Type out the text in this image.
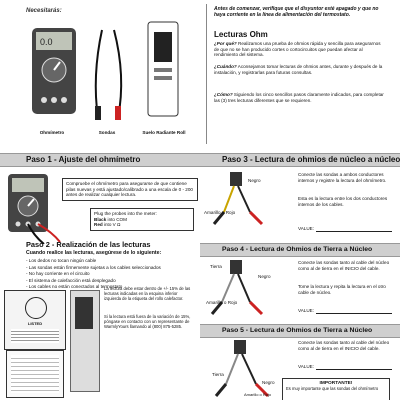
Necesitarás:
0.0
Ohmímetro	Sondas	Suelo Radiante Roll
Antes de comenzar, verifique que el disyuntor esté apagado y que no haya corriente en la línea de alimentación del termostato.
Lecturas Ohm
¿Por qué? Realizamos una prueba de ohmios rápida y sencilla para asegurarnos de que no se han producido cortes o cortocircuitos que puedan afectar al rendimiento del sistema.
¿Cuándo? Aconsejamos tomar lecturas de ohmios antes, durante y después de la instalación, y registrarlas para futuras consultas.
¿Cómo? Siguiendo los cinco sencillos pasos claramente indicados, para completar las (3) tres lecturas diferentes que se requieren.
Paso 1 - Ajuste del ohmímetro
Compruebe el ohmímetro para asegurarse de que contiene pilas nuevas y está ajustado/calibrado a una escala de 0 - 200 antes de realizar cualquier lectura.
Plug the probes into the meter:
Black into COM
Red into V Ω
Paso 2 - Realización de las lecturas
Cuando realice las lecturas, asegúrese de lo siguiente:
- Los dedos no tocan ningún cable
- Las sondas están firmemente sujetas a los cables seleccionados
- No hay corriente en el circuito
- El sistema de calefacción está desplegado
- Los cables no están conectados al termostato
LISTED
La lectura debe estar dentro de +/- 15% de las lecturas indicadas en la esquina inferior izquierda de la etiqueta del rollo calefactor.
Si la lectura está fuera de la variación de 15%, póngase en contacto con un representante de WarmlyYours llamando al (800) 875-5285.
Paso 3 - Lectura de ohmios de núcleo a núcleo
Negro
Amarillo o Rojo
Conecte las sondas a ambos conductores internos y registre la lectura del ohmímetro.
Esta es la lectura entre los dos conductores internos de los cables.
VALUE:
Paso 4 - Lectura de Ohmios de Tierra a Núcleo
Tierra
Negro
Amarillo o Rojo
Conecte las sondas tanto al cable del núcleo como al de tierra en el INICIO del cable.
Tome la lectura y repita la lectura en el otro cable de núcleo.
VALUE:
Paso 5 - Lectura de Ohmios de Tierra a Núcleo
Tierra
Negro
Amarillo o Rojo
Conecte las sondas tanto al cable del núcleo como al de tierra en el INICIO del cable.
VALUE:
IMPORTANTE!
Es muy importante que las sondas del ohmímetro
